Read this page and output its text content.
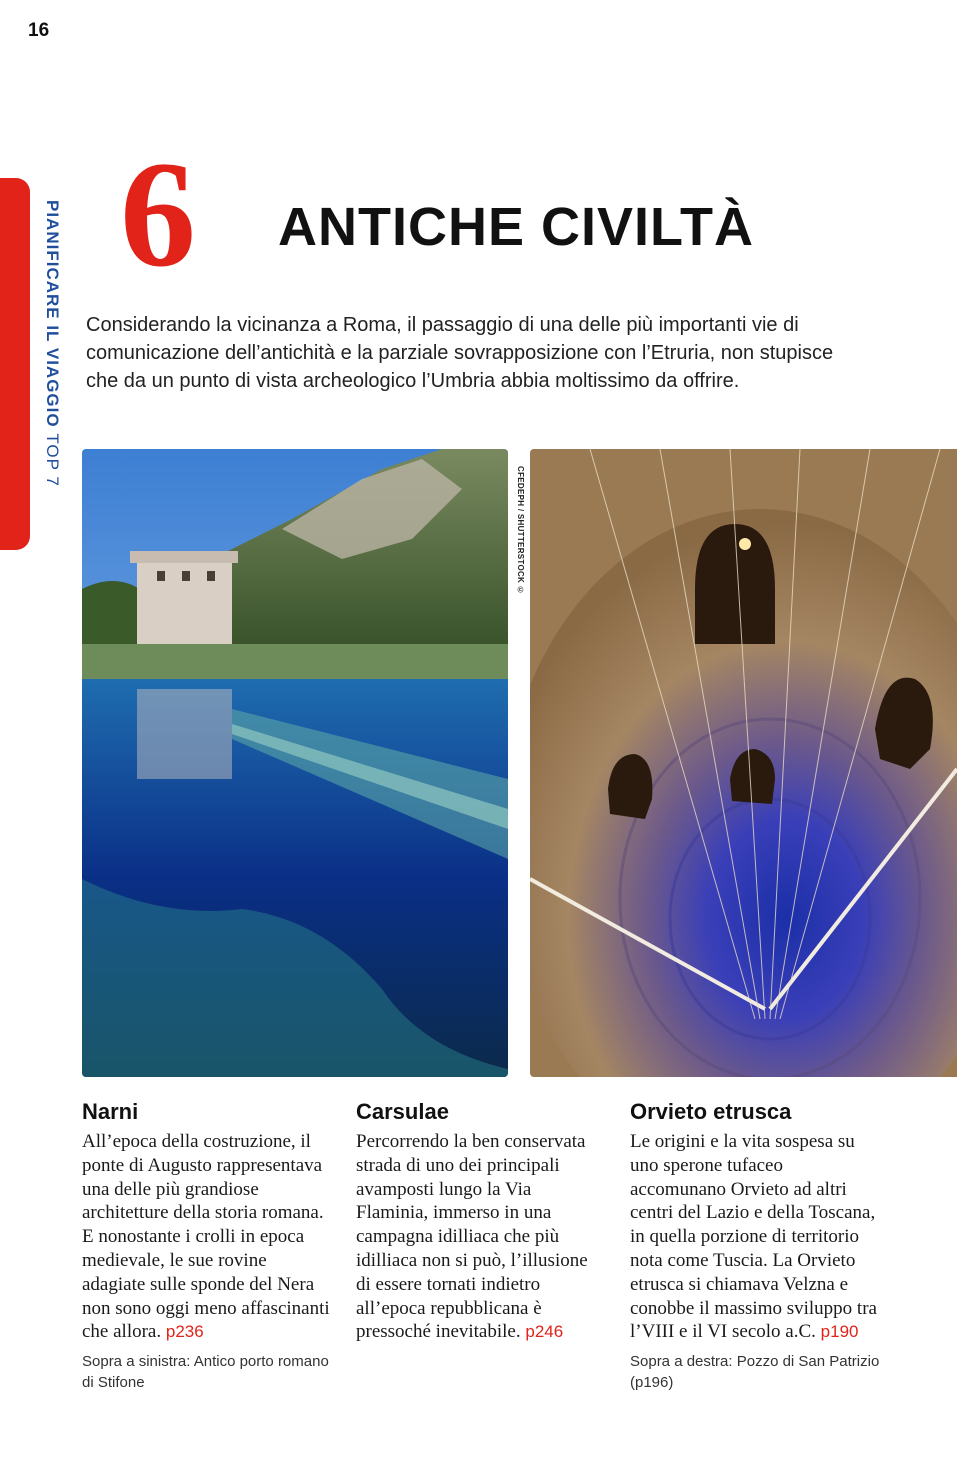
16
PIANIFICARE IL VIAGGIO TOP 7
6 ANTICHE CIVILTÀ

Considerando la vicinanza a Roma, il passaggio di una delle più importanti vie di comunicazione dell’antichità e la parziale sovrapposizione con l’Etruria, non stupisce che da un punto di vista archeologico l’Umbria abbia moltissimo da offrire.

CFEDEPH / SHUTTERSTOCK ©
Narni

All’epoca della costruzione, il ponte di Augusto rappresentava una delle più grandiose architetture della storia romana. E nonostante i crolli in epoca medievale, le sue rovine adagiate sulle sponde del Nera non sono oggi meno affascinanti che allora. p236

Sopra a sinistra: Antico porto romano di Stifone
Carsulae

Percorrendo la ben conservata strada di uno dei principali avamposti lungo la Via Flaminia, immerso in una campagna idilliaca che più idilliaca non si può, l’illusione di essere tornati indietro all’epoca repubblicana è pressoché inevitabile. p246

Orvieto etrusca

Le origini e la vita sospesa su uno sperone tufaceo accomunano Orvieto ad altri centri del Lazio e della Toscana, in quella porzione di territorio nota come Tuscia. La Orvieto etrusca si chiamava Velzna e conobbe il massimo sviluppo tra l’VIII e il VI secolo a.C. p190

Sopra a destra: Pozzo di San Patrizio (p196)
